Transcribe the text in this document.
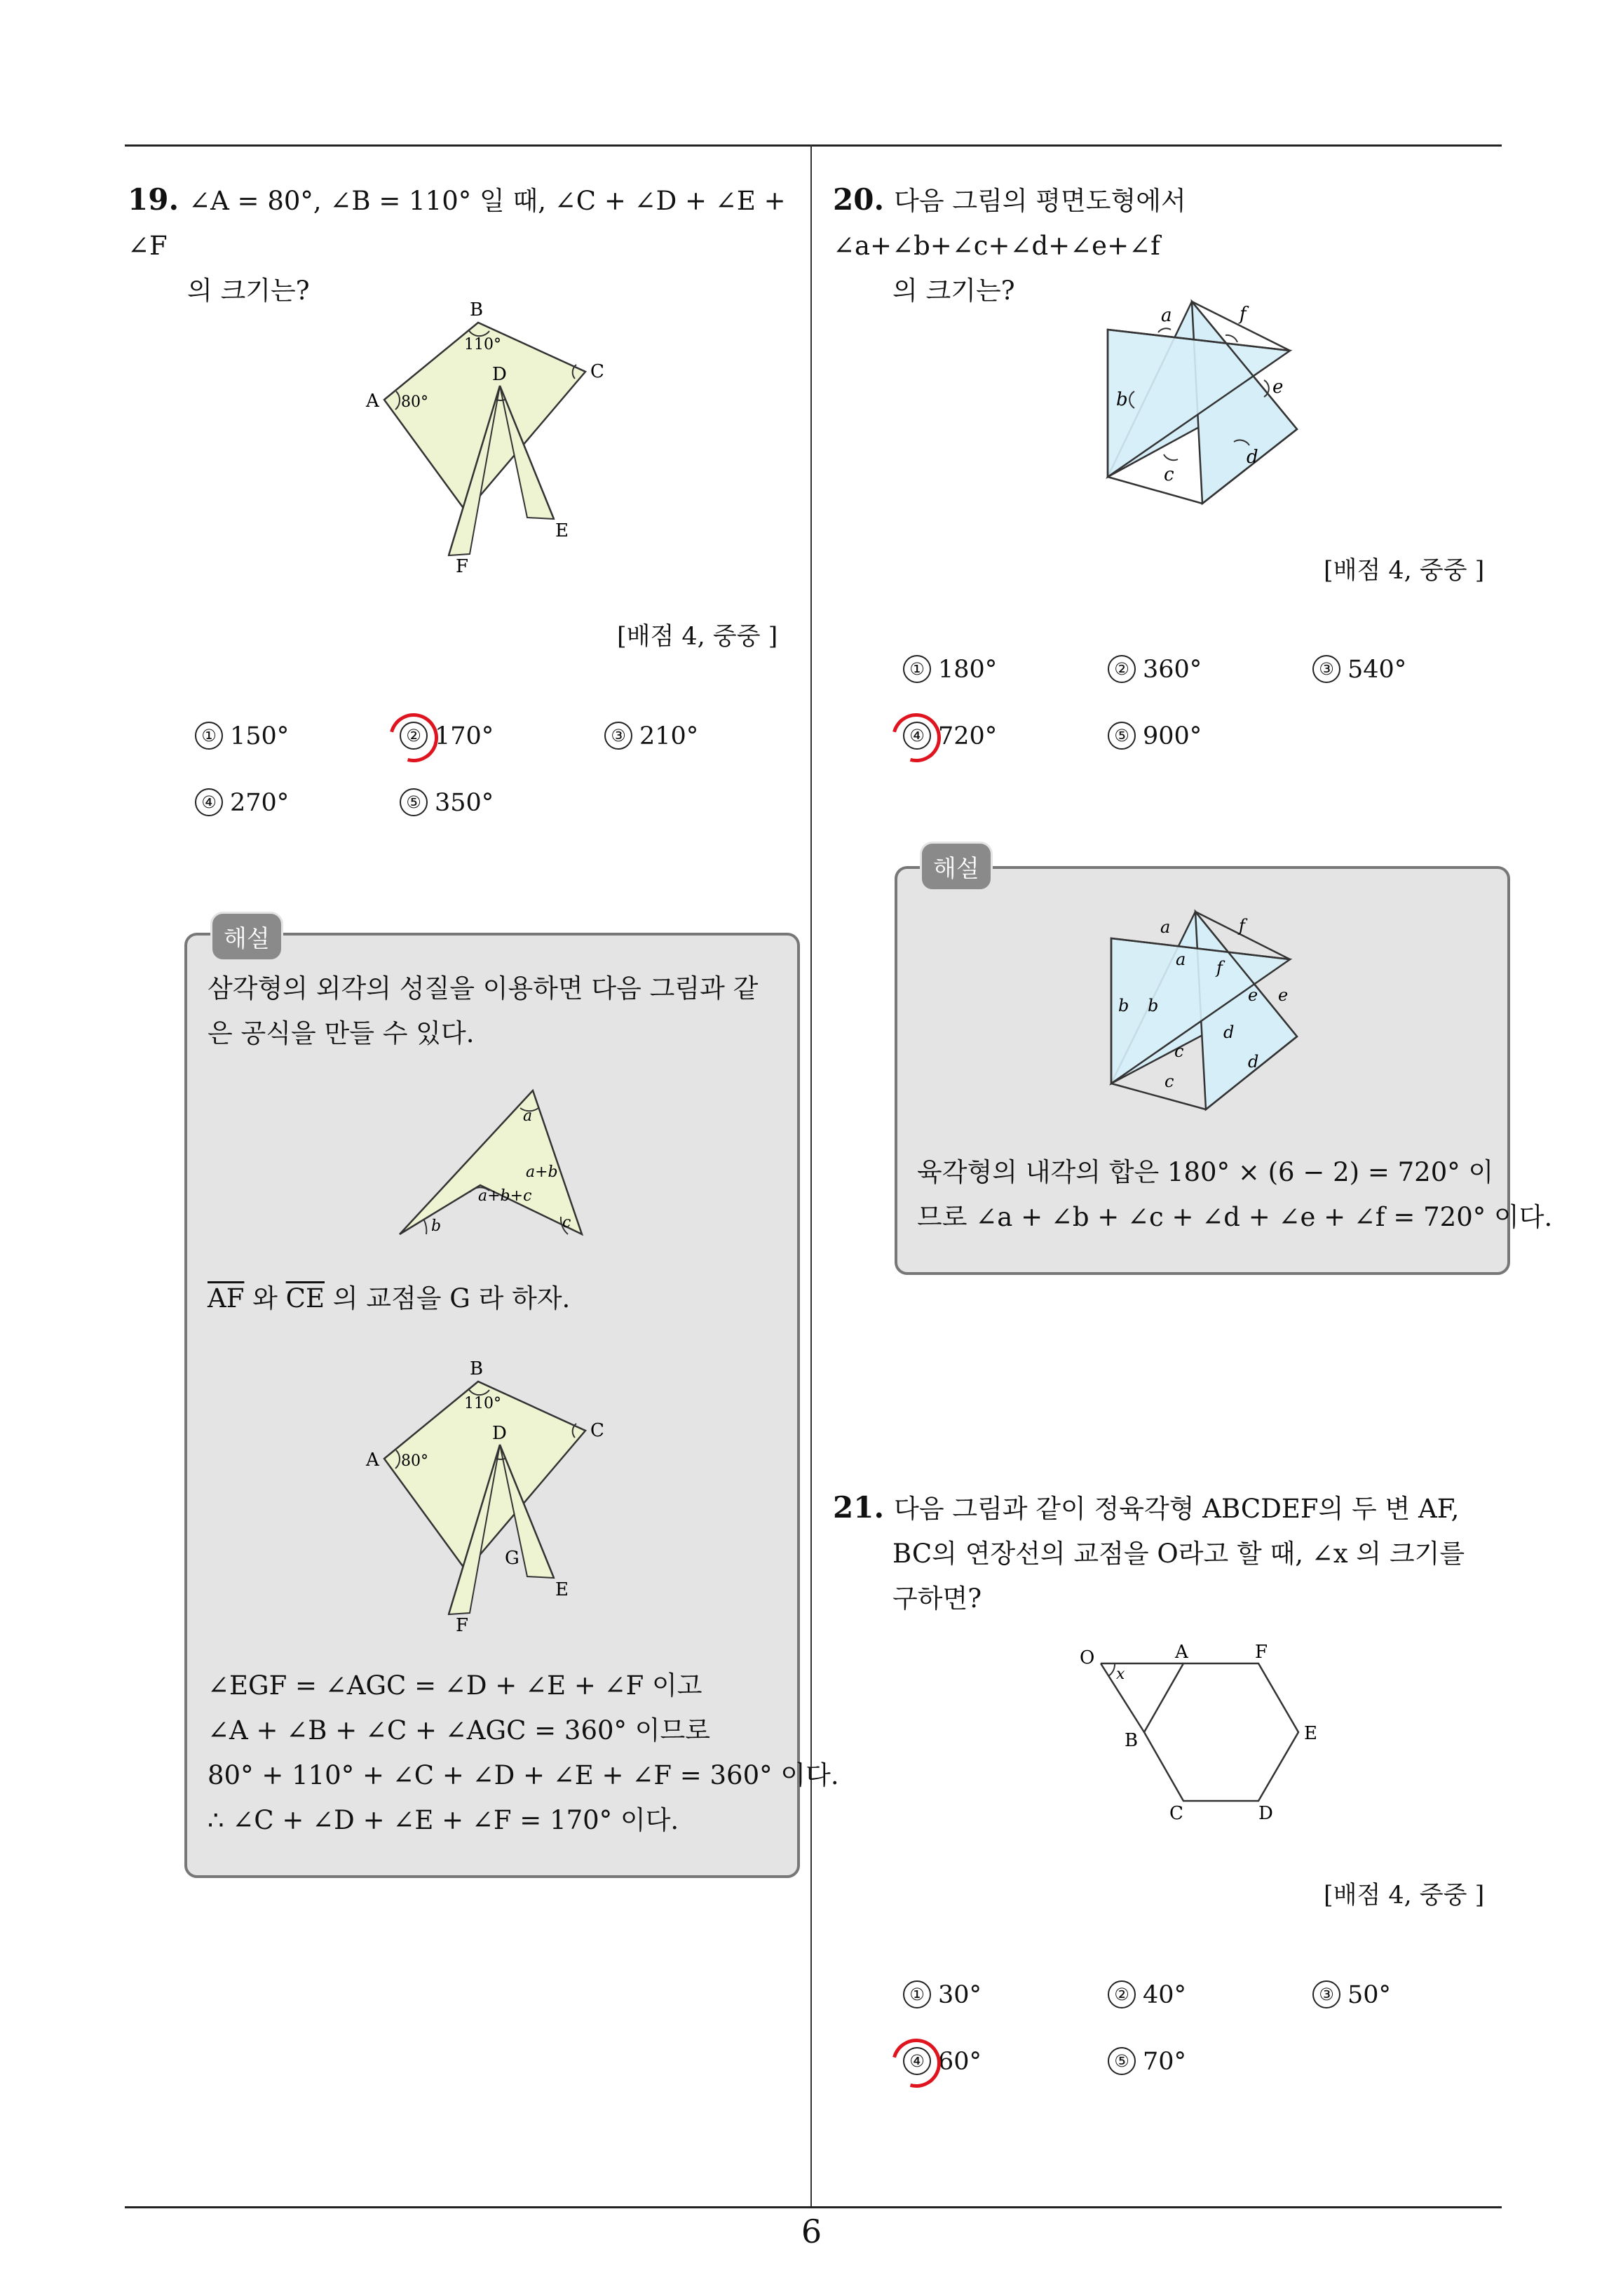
6
19. ∠A = 80°, ∠B = 110° 일 때, ∠C + ∠D + ∠E + ∠F
의 크기는?
B
110°
C
A 80°
D
E
F
[배점 4, 중중 ]
① 150°	② 170°	③ 210°
④ 270°	⑤ 350°
해설
삼각형의 외각의 성질을 이용하면 다음 그림과 같
은 공식을 만들 수 있다.
a
b	c
a+b
a+b+c
$\overline{AF}$ 와 $\overline{CE}$ 의 교점을 G 라 하자.
B
110°
C
A 80°
D
G
E
F
∠EGF = ∠AGC = ∠D + ∠E + ∠F 이고
∠A + ∠B + ∠C + ∠AGC = 360° 이므로
80° + 110° + ∠C + ∠D + ∠E + ∠F = 360° 이다.
∴ ∠C + ∠D + ∠E + ∠F = 170° 이다.
20. 다음 그림의 평면도형에서 ∠a+∠b+∠c+∠d+∠e+∠f
의 크기는?
a	f
b
e
c
d
[배점 4, 중중 ]
① 180°	② 360°	③ 540°
④ 720°	⑤ 900°
해설
a
a
f
f
b b
e e
c
c
d
d
육각형의 내각의 합은 180° × (6 − 2) = 720° 이
므로 ∠a + ∠b + ∠c + ∠d + ∠e + ∠f = 720° 이다.
21. 다음 그림과 같이 정육각형 ABCDEF의 두 변 AF,
BC의 연장선의 교점을 O라고 할 때, ∠x 의 크기를
구하면?
O
x
A	F
B	E
C	D
[배점 4, 중중 ]
① 30°	② 40°	③ 50°
④ 60°	⑤ 70°
